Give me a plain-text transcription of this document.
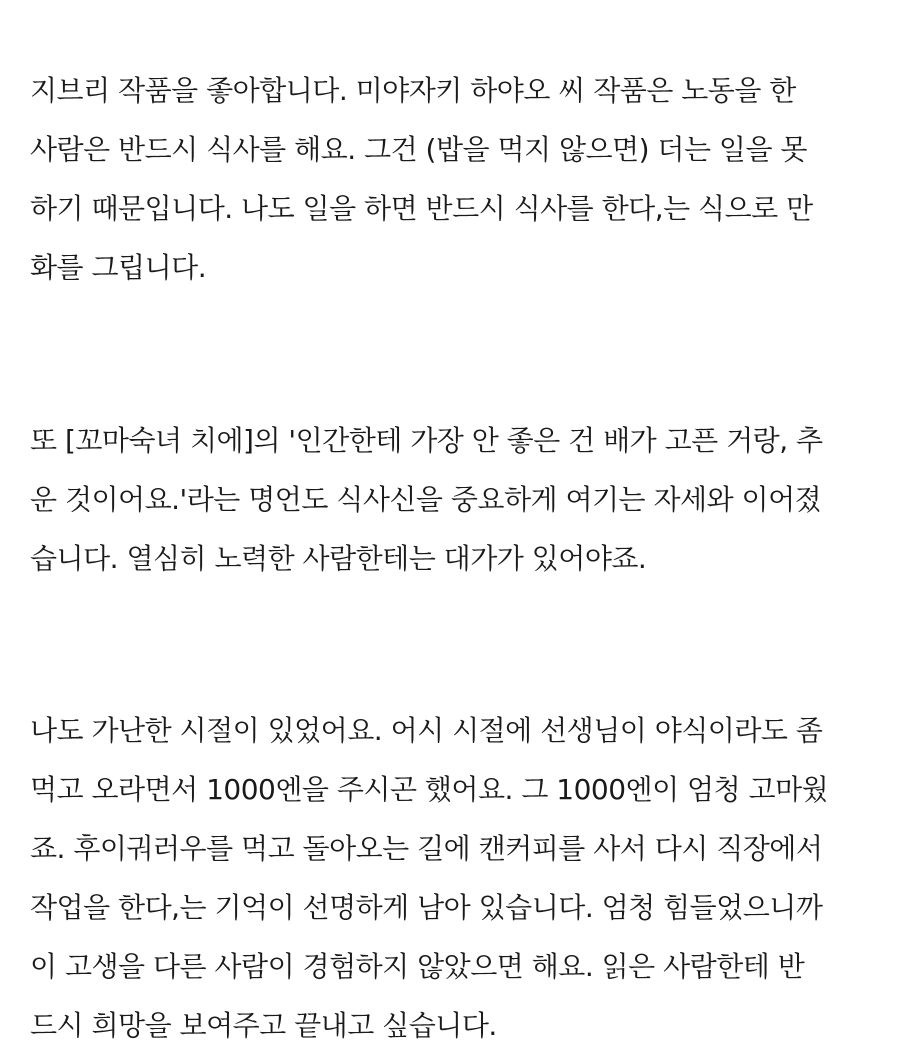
지브리 작품을 좋아합니다. 미야자키 하야오 씨 작품은 노동을 한
사람은 반드시 식사를 해요. 그건 (밥을 먹지 않으면) 더는 일을 못
하기 때문입니다. 나도 일을 하면 반드시 식사를 한다,는 식으로 만
화를 그립니다.

또 [꼬마숙녀 치에]의 '인간한테 가장 안 좋은 건 배가 고픈 거랑, 추
운 것이어요.'라는 명언도 식사신을 중요하게 여기는 자세와 이어졌
습니다. 열심히 노력한 사람한테는 대가가 있어야죠.

나도 가난한 시절이 있었어요. 어시 시절에 선생님이 야식이라도 좀
먹고 오라면서 1000엔을 주시곤 했어요. 그 1000엔이 엄청 고마웠
죠. 후이궈러우를 먹고 돌아오는 길에 캔커피를 사서 다시 직장에서
작업을 한다,는 기억이 선명하게 남아 있습니다. 엄청 힘들었으니까
이 고생을 다른 사람이 경험하지 않았으면 해요. 읽은 사람한테 반
드시 희망을 보여주고 끝내고 싶습니다.
